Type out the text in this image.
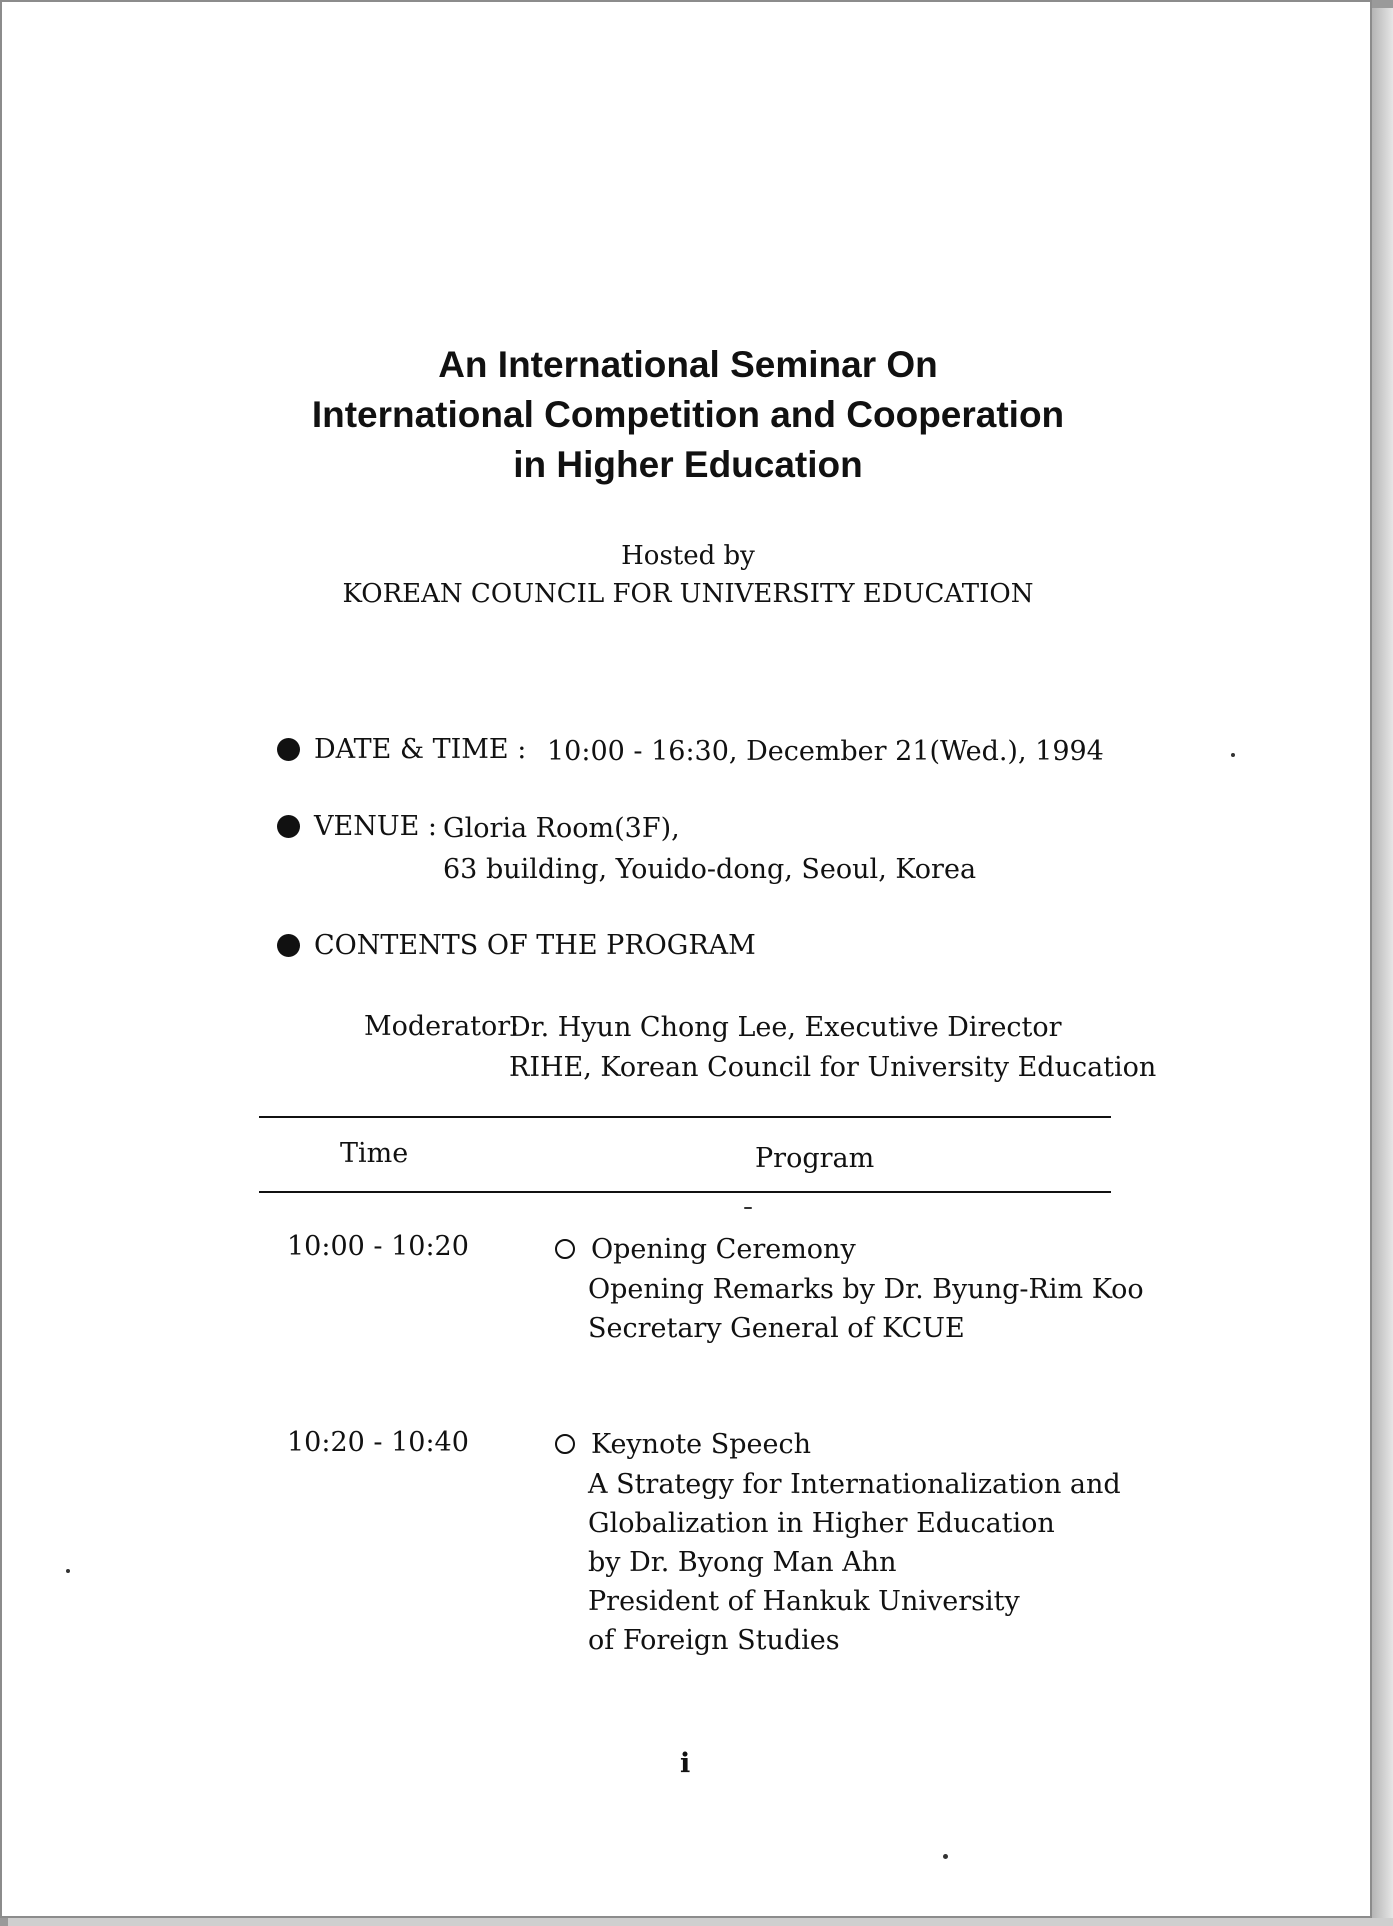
An International Seminar On
International Competition and Cooperation
in Higher Education
Hosted by
KOREAN COUNCIL FOR UNIVERSITY EDUCATION
DATE & TIME : 10:00 - 16:30, December 21(Wed.), 1994
VENUE : Gloria Room(3F),
63 building, Youido-dong, Seoul, Korea
CONTENTS OF THE PROGRAM
Moderator:
Dr. Hyun Chong Lee, Executive Director
RIHE, Korean Council for University Education
Time	Program
10:00 - 10:20	Opening Ceremony
Opening Remarks by Dr. Byung-Rim Koo
Secretary General of KCUE
10:20 - 10:40	Keynote Speech
A Strategy for Internationalization and
Globalization in Higher Education
by Dr. Byong Man Ahn
President of Hankuk University
of Foreign Studies
i
